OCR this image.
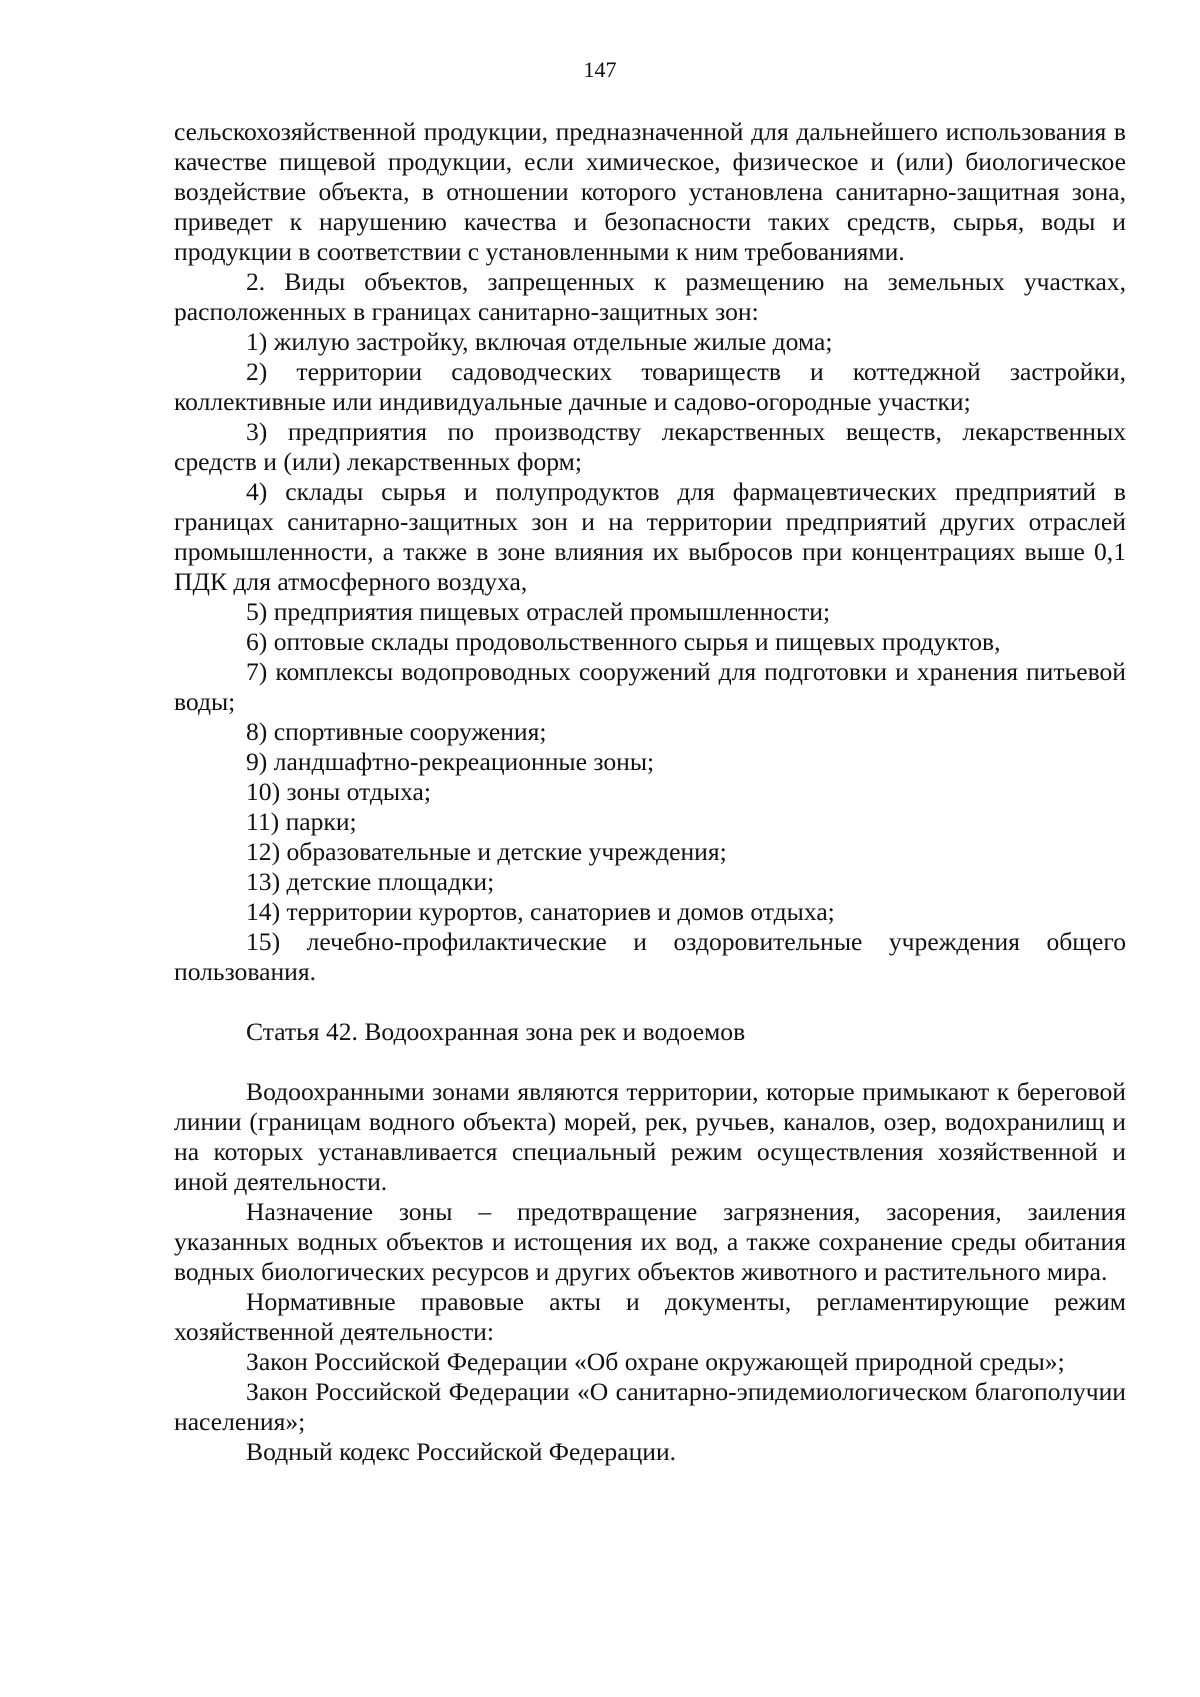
147

сельскохозяйственной продукции, предназначенной для дальнейшего использования в качестве пищевой продукции, если химическое, физическое и (или) биологическое воздействие объекта, в отношении которого установлена санитарно-защитная зона, приведет к нарушению качества и безопасности таких средств, сырья, воды и продукции в соответствии с установленными к ним требованиями.

2. Виды объектов, запрещенных к размещению на земельных участках, расположенных в границах санитарно-защитных зон:

1) жилую застройку, включая отдельные жилые дома;

2) территории садоводческих товариществ и коттеджной застройки, коллективные или индивидуальные дачные и садово-огородные участки;

3) предприятия по производству лекарственных веществ, лекарственных средств и (или) лекарственных форм;

4) склады сырья и полупродуктов для фармацевтических предприятий в границах санитарно-защитных зон и на территории предприятий других отраслей промышленности, а также в зоне влияния их выбросов при концентрациях выше 0,1 ПДК для атмосферного воздуха,

5) предприятия пищевых отраслей промышленности;

6) оптовые склады продовольственного сырья и пищевых продуктов,

7) комплексы водопроводных сооружений для подготовки и хранения питьевой воды;

8) спортивные сооружения;

9) ландшафтно-рекреационные зоны;

10) зоны отдыха;

11) парки;

12) образовательные и детские учреждения;

13) детские площадки;

14) территории курортов, санаториев и домов отдыха;

15) лечебно-профилактические и оздоровительные учреждения общего пользования.

Статья 42. Водоохранная зона рек и водоемов

Водоохранными зонами являются территории, которые примыкают к береговой линии (границам водного объекта) морей, рек, ручьев, каналов, озер, водохранилищ и на которых устанавливается специальный режим осуществления хозяйственной и иной деятельности.

Назначение зоны – предотвращение загрязнения, засорения, заиления указанных водных объектов и истощения их вод, а также сохранение среды обитания водных биологических ресурсов и других объектов животного и растительного мира.

Нормативные правовые акты и документы, регламентирующие режим хозяйственной деятельности:

Закон Российской Федерации «Об охране окружающей природной среды»;

Закон Российской Федерации «О санитарно-эпидемиологическом благополучии населения»;

Водный кодекс Российской Федерации.
